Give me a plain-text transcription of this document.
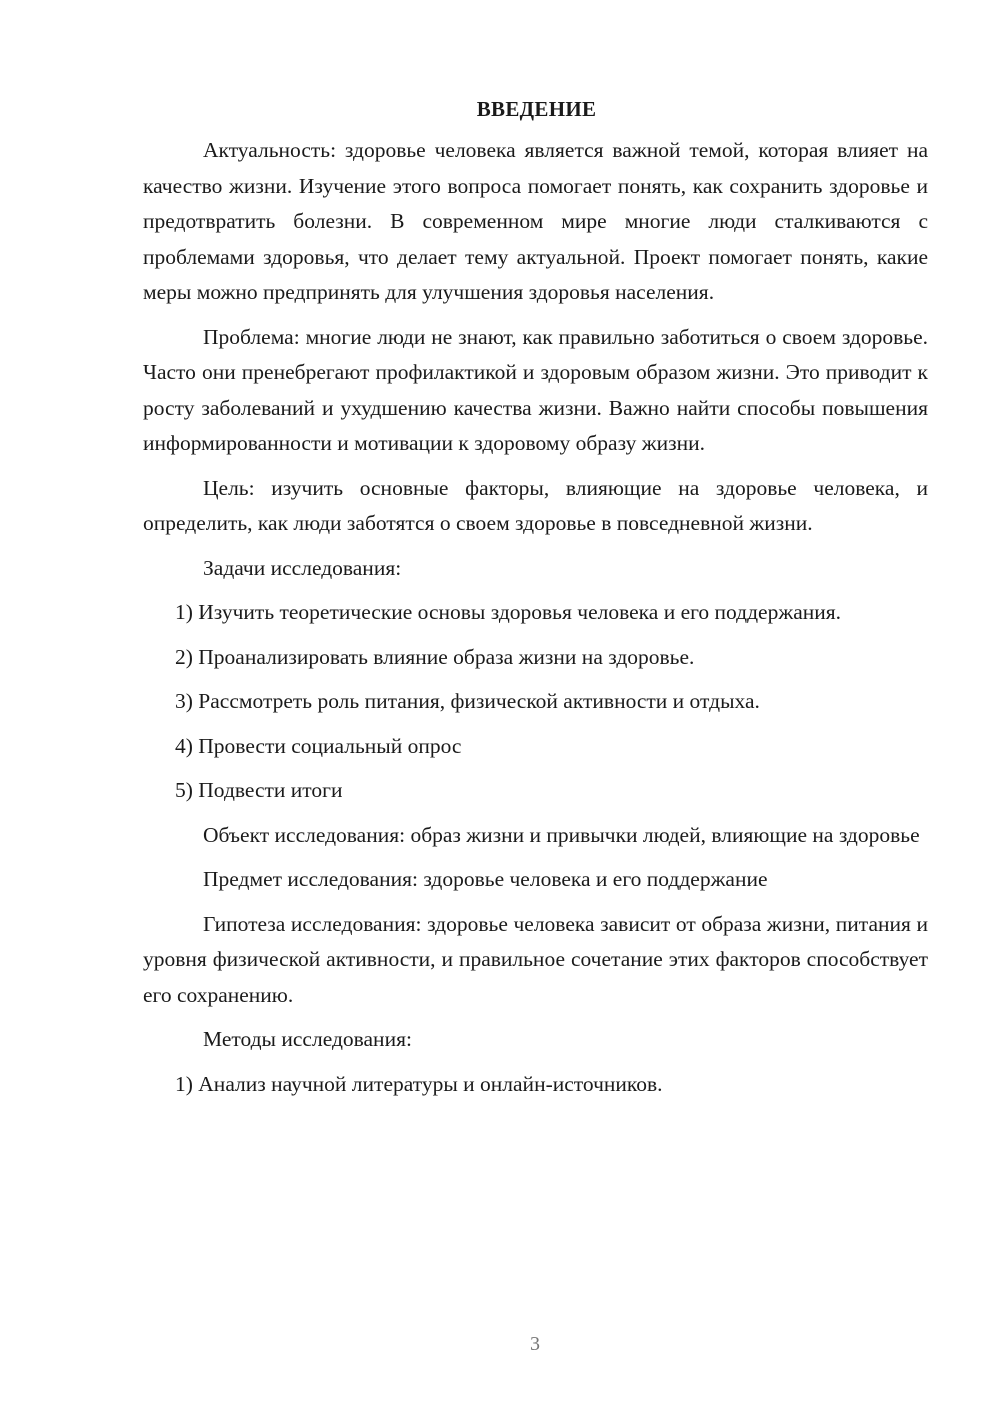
ВВЕДЕНИЕ

Актуальность: здоровье человека является важной темой, которая влияет на качество жизни. Изучение этого вопроса помогает понять, как сохранить здоровье и предотвратить болезни. В современном мире многие люди сталкиваются с проблемами здоровья, что делает тему актуальной. Проект помогает понять, какие меры можно предпринять для улучшения здоровья населения.

Проблема: многие люди не знают, как правильно заботиться о своем здоровье. Часто они пренебрегают профилактикой и здоровым образом жизни. Это приводит к росту заболеваний и ухудшению качества жизни. Важно найти способы повышения информированности и мотивации к здоровому образу жизни.

Цель: изучить основные факторы, влияющие на здоровье человека, и определить, как люди заботятся о своем здоровье в повседневной жизни.

Задачи исследования:

1) Изучить теоретические основы здоровья человека и его поддержания.

2) Проанализировать влияние образа жизни на здоровье.

3) Рассмотреть роль питания, физической активности и отдыха.

4) Провести социальный опрос

5) Подвести итоги

Объект исследования: образ жизни и привычки людей, влияющие на здоровье

Предмет исследования: здоровье человека и его поддержание

Гипотеза исследования: здоровье человека зависит от образа жизни, питания и уровня физической активности, и правильное сочетание этих факторов способствует его сохранению.

Методы исследования:

1) Анализ научной литературы и онлайн-источников.

3
